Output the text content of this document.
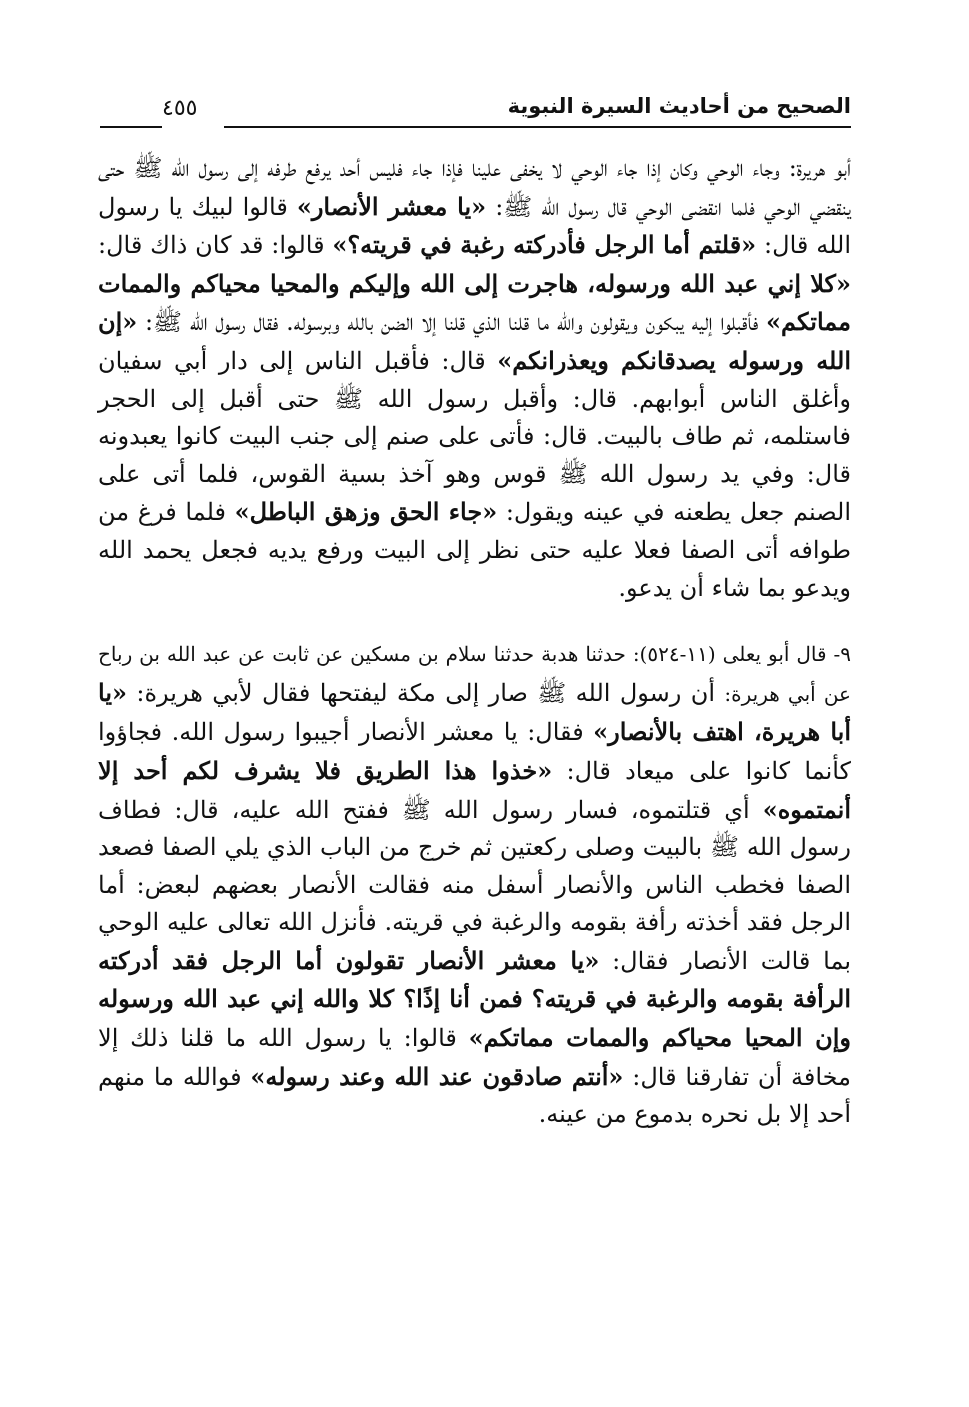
الصحيح من أحاديث السيرة النبوية
٤٥٥

أبو هريرة: وجاء الوحي وكان إذا جاء الوحي لا يخفى علينا فإذا جاء فليس أحد يرفع طرفه إلى رسول الله ﷺ حتى ينقضي الوحي فلما انقضى الوحي قال رسول الله ﷺ: «يا معشر الأنصار» قالوا لبيك يا رسول الله قال: «قلتم أما الرجل فأدركته رغبة في قريته؟» قالوا: قد كان ذاك قال: «كلا إني عبد الله ورسوله، هاجرت إلى الله وإليكم والمحيا محياكم والممات مماتكم» فأقبلوا إليه يبكون ويقولون والله ما قلنا الذي قلنا إلا الضن بالله وبرسوله. فقال رسول الله ﷺ: «إن الله ورسوله يصدقانكم ويعذرانكم» قال: فأقبل الناس إلى دار أبي سفيان وأغلق الناس أبوابهم. قال: وأقبل رسول الله ﷺ حتى أقبل إلى الحجر فاستلمه، ثم طاف بالبيت. قال: فأتى على صنم إلى جنب البيت كانوا يعبدونه قال: وفي يد رسول الله ﷺ قوس وهو آخذ بسية القوس، فلما أتى على الصنم جعل يطعنه في عينه ويقول: «جاء الحق وزهق الباطل» فلما فرغ من طوافه أتى الصفا فعلا عليه حتى نظر إلى البيت ورفع يديه فجعل يحمد الله ويدعو بما شاء أن يدعو.

٩- قال أبو يعلى (١١-٥٢٤): حدثنا هدبة حدثنا سلام بن مسكين عن ثابت عن عبد الله بن رباح عن أبي هريرة: أن رسول الله ﷺ صار إلى مكة ليفتحها فقال لأبي هريرة: «يا أبا هريرة، اهتف بالأنصار» فقال: يا معشر الأنصار أجيبوا رسول الله. فجاؤوا كأنما كانوا على ميعاد قال: «خذوا هذا الطريق فلا يشرف لكم أحد إلا أنمتموه» أي قتلتموه، فسار رسول الله ﷺ ففتح الله عليه، قال: فطاف رسول الله ﷺ بالبيت وصلى ركعتين ثم خرج من الباب الذي يلي الصفا فصعد الصفا فخطب الناس والأنصار أسفل منه فقالت الأنصار بعضهم لبعض: أما الرجل فقد أخذته رأفة بقومه والرغبة في قريته. فأنزل الله تعالى عليه الوحي بما قالت الأنصار فقال: «يا معشر الأنصار تقولون أما الرجل فقد أدركته الرأفة بقومه والرغبة في قريته؟ فمن أنا إذًا؟ كلا والله إني عبد الله ورسوله وإن المحيا محياكم والممات مماتكم» قالوا: يا رسول الله ما قلنا ذلك إلا مخافة أن تفارقنا قال: «أنتم صادقون عند الله وعند رسوله» فوالله ما منهم أحد إلا بل نحره بدموع من عينه.
